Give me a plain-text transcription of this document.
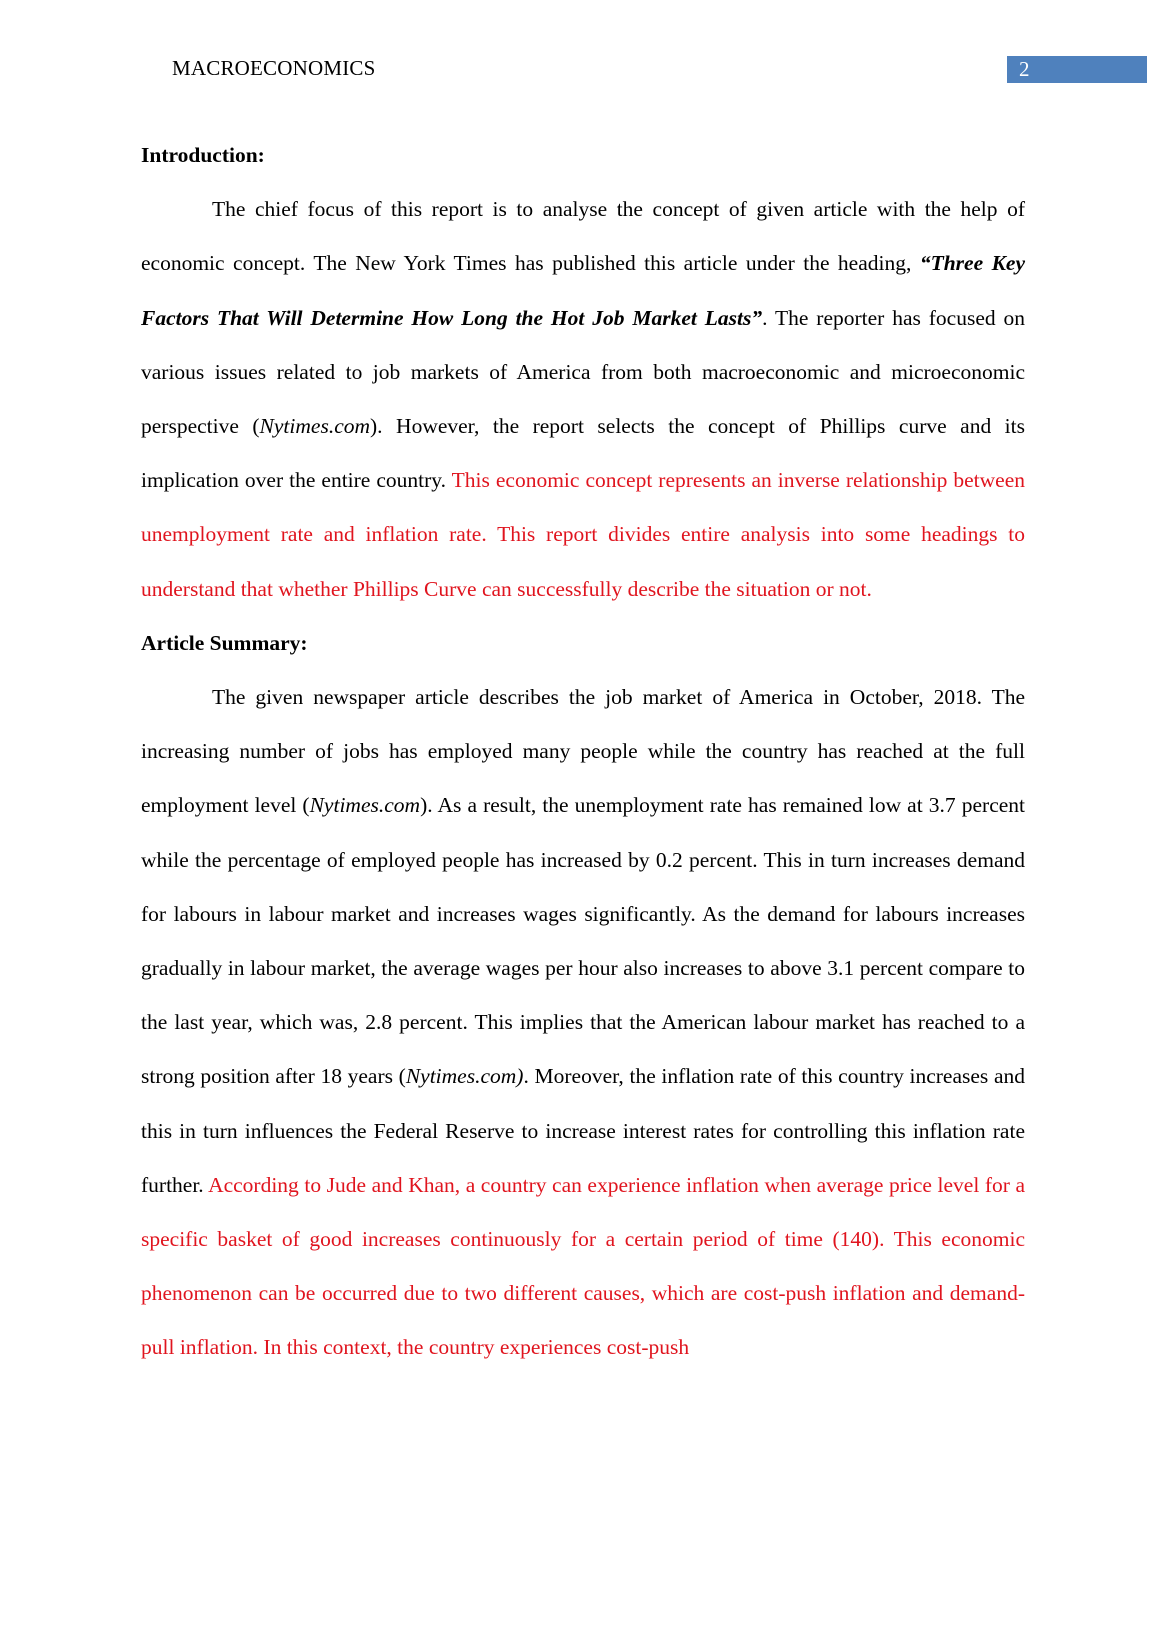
MACROECONOMICS	2

Introduction:

The chief focus of this report is to analyse the concept of given article with the help of economic concept. The New York Times has published this article under the heading, “Three Key Factors That Will Determine How Long the Hot Job Market Lasts”. The reporter has focused on various issues related to job markets of America from both macroeconomic and microeconomic perspective (Nytimes.com). However, the report selects the concept of Phillips curve and its implication over the entire country. This economic concept represents an inverse relationship between unemployment rate and inflation rate. This report divides entire analysis into some headings to understand that whether Phillips Curve can successfully describe the situation or not.

Article Summary:

The given newspaper article describes the job market of America in October, 2018. The increasing number of jobs has employed many people while the country has reached at the full employment level (Nytimes.com). As a result, the unemployment rate has remained low at 3.7 percent while the percentage of employed people has increased by 0.2 percent. This in turn increases demand for labours in labour market and increases wages significantly. As the demand for labours increases gradually in labour market, the average wages per hour also increases to above 3.1 percent compare to the last year, which was, 2.8 percent. This implies that the American labour market has reached to a strong position after 18 years (Nytimes.com). Moreover, the inflation rate of this country increases and this in turn influences the Federal Reserve to increase interest rates for controlling this inflation rate further. According to Jude and Khan, a country can experience inflation when average price level for a specific basket of good increases continuously for a certain period of time (140). This economic phenomenon can be occurred due to two different causes, which are cost-push inflation and demand-pull inflation. In this context, the country experiences cost-push
